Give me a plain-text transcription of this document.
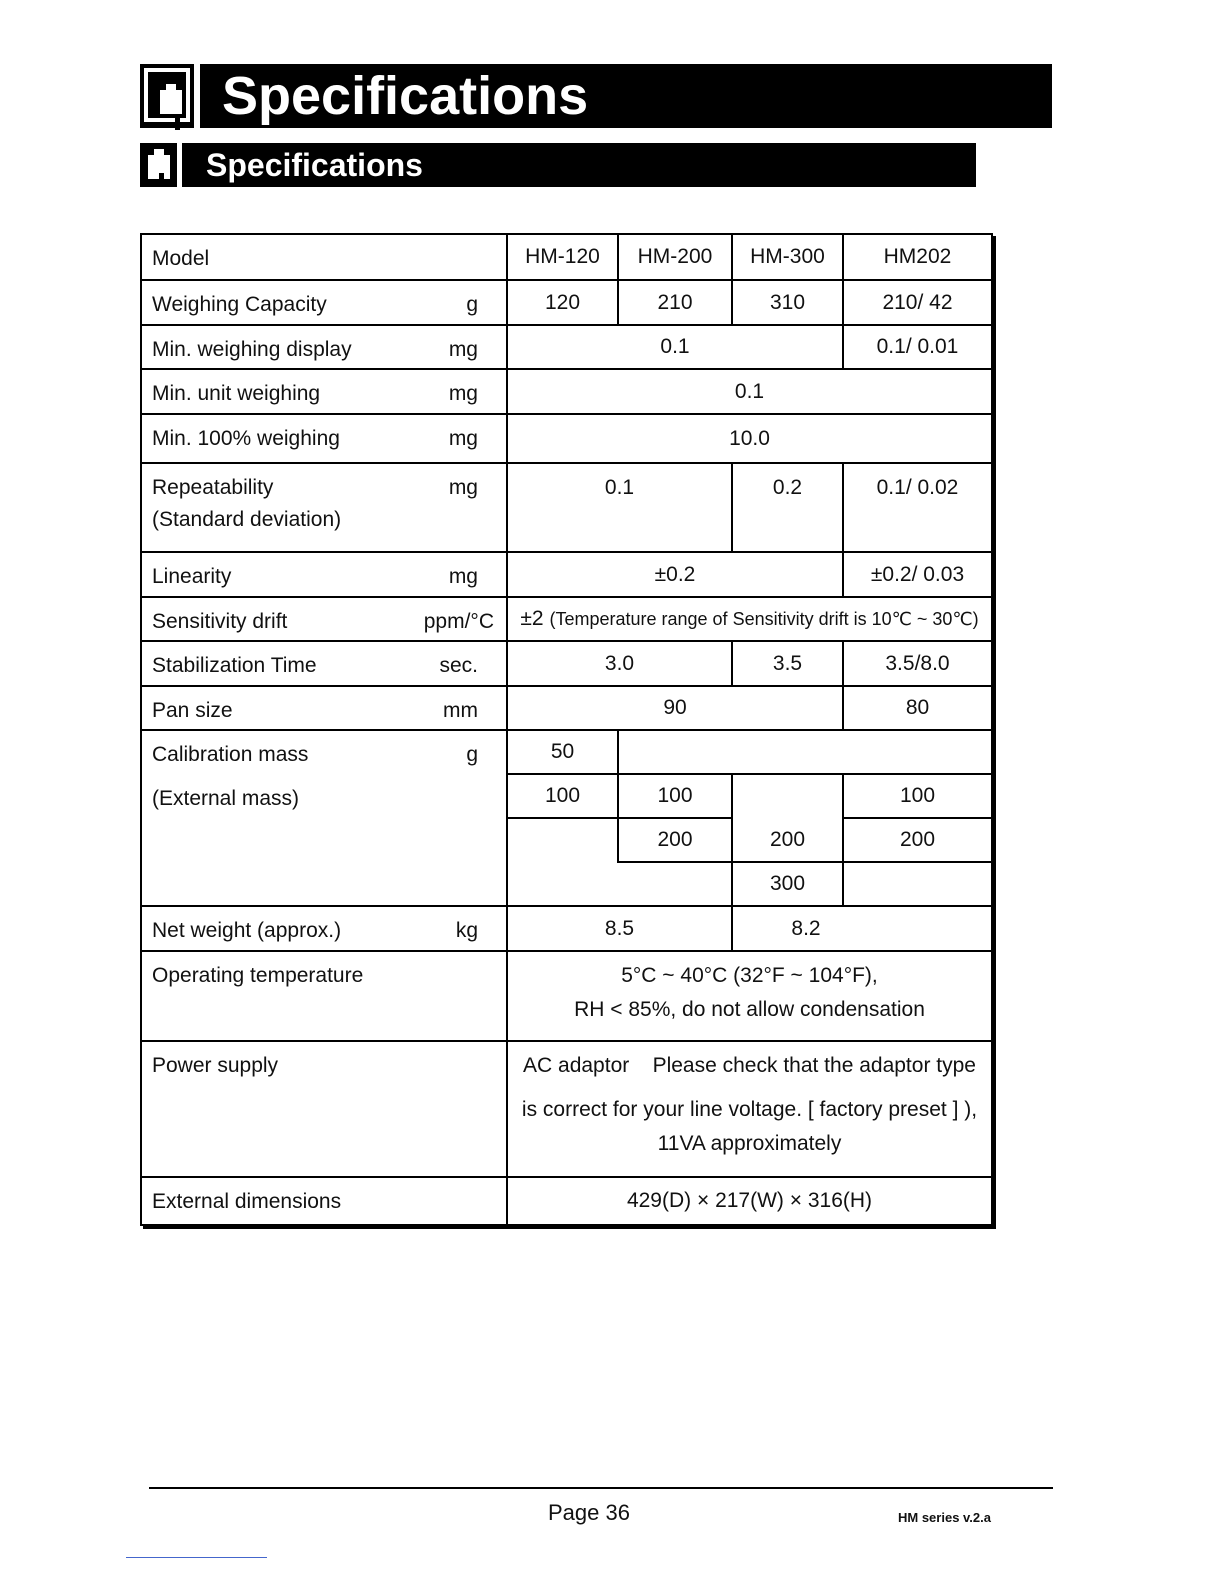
Specifications
Specifications
Model	HM-120	HM-200	HM-300	HM202

Weighing Capacity g	120	210	310	210/ 42

Min. weighing display mg	0.1			0.1/ 0.01

Min. unit weighing mg	0.1			

Min. 100% weighing mg	10.0			

Repeatability mg
(Standard deviation)	0.1		0.2	0.1/ 0.02

Linearity mg	±0.2			±0.2/ 0.03

Sensitivity drift ppm/°C	±2 (Temperature range of Sensitivity drift is 10℃ ~ 30℃)			

Stabilization Time sec.	3.0		3.5	3.5/8.0

Pan size mm	90			80

Calibration mass g
(External mass)	50			
	100	100		100
		200	200	200
			300	

Net weight (approx.) kg	8.5		8.2	

Operating temperature	5°C ~ 40°C (32°F ~ 104°F),
RH < 85%, do not allow condensation			

Power supply	AC adaptor    Please check that the adaptor type
is correct for your line voltage. [ factory preset ] ),
11VA approximately			

External dimensions	429(D) × 217(W) × 316(H)			
Page 36	HM series v.2.a
